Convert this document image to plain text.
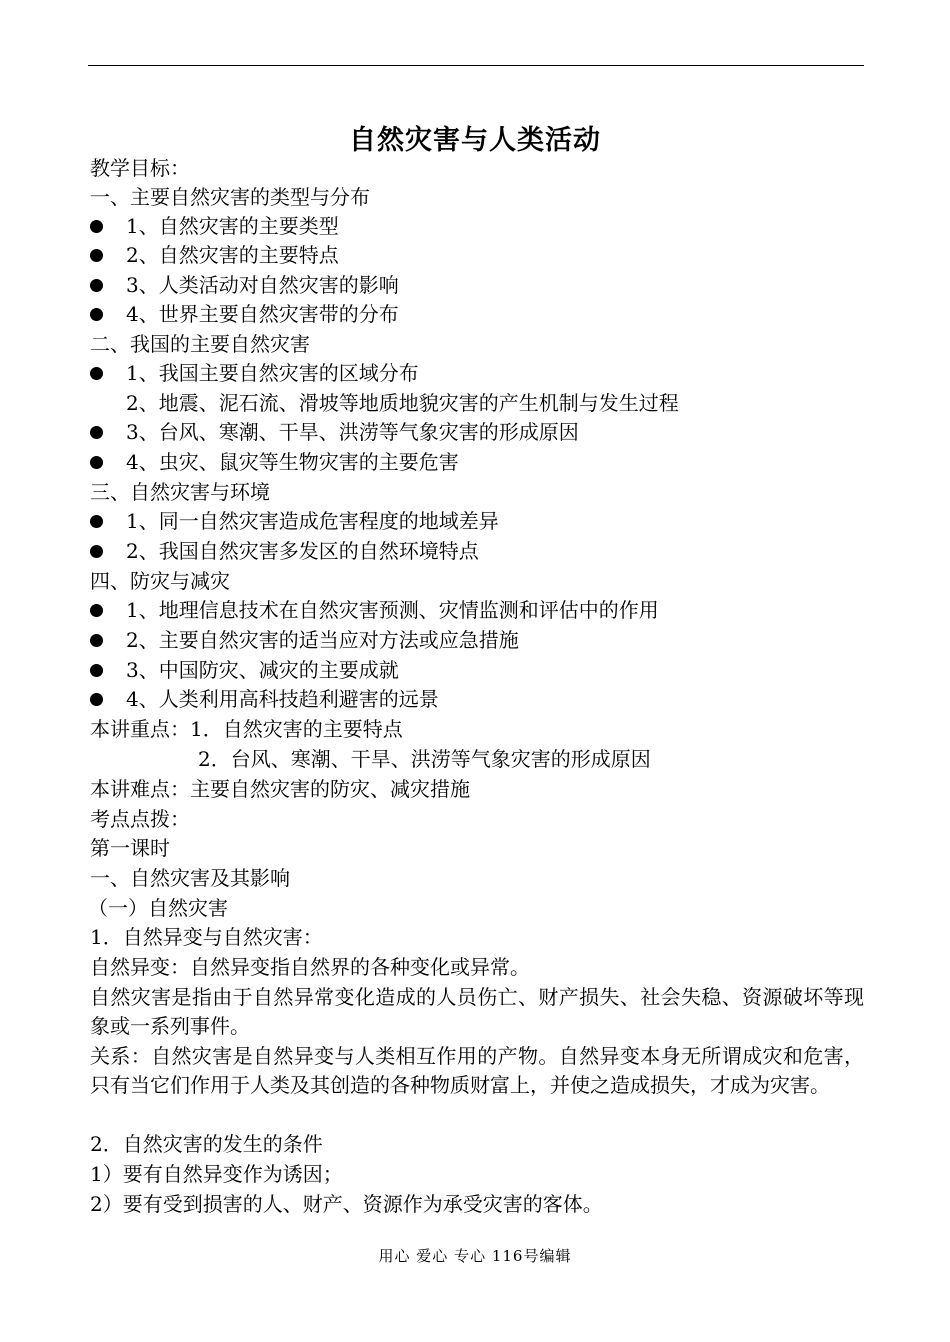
自然灾害与人类活动
教学目标：
一、主要自然灾害的类型与分布
1、自然灾害的主要类型
2、自然灾害的主要特点
3、人类活动对自然灾害的影响
4、世界主要自然灾害带的分布
二、我国的主要自然灾害
1、我国主要自然灾害的区域分布
2、地震、泥石流、滑坡等地质地貌灾害的产生机制与发生过程
3、台风、寒潮、干旱、洪涝等气象灾害的形成原因
4、虫灾、鼠灾等生物灾害的主要危害
三、自然灾害与环境
1、同一自然灾害造成危害程度的地域差异
2、我国自然灾害多发区的自然环境特点
四、防灾与减灾
1、地理信息技术在自然灾害预测、灾情监测和评估中的作用
2、主要自然灾害的适当应对方法或应急措施
3、中国防灾、减灾的主要成就
4、人类利用高科技趋利避害的远景
本讲重点：1．自然灾害的主要特点
2．台风、寒潮、干旱、洪涝等气象灾害的形成原因
本讲难点：主要自然灾害的防灾、减灾措施
考点点拨：
第一课时
一、自然灾害及其影响
（一）自然灾害
1．自然异变与自然灾害：
自然异变：自然异变指自然界的各种变化或异常。
自然灾害是指由于自然异常变化造成的人员伤亡、财产损失、社会失稳、资源破坏等现象或一系列事件。
关系：自然灾害是自然异变与人类相互作用的产物。自然异变本身无所谓成灾和危害，只有当它们作用于人类及其创造的各种物质财富上，并使之造成损失，才成为灾害。
2．自然灾害的发生的条件
1）要有自然异变作为诱因；
2）要有受到损害的人、财产、资源作为承受灾害的客体。
用心 爱心 专心 116号编辑
